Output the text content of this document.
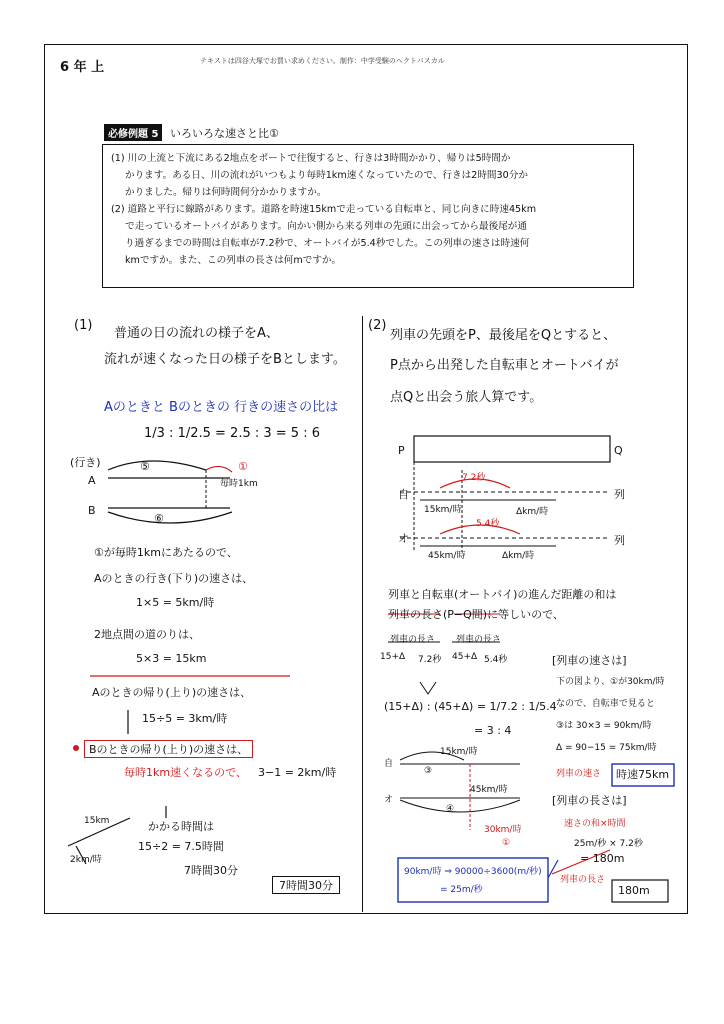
6 年 上	テキストは四谷大塚でお買い求めください。制作：中学受験のヘクトパスカル
必修例題 5 いろいろな速さと比①

(1) 川の上流と下流にある2地点をボートで往復すると、行きは3時間かかり、帰りは5時間か

かります。ある日、川の流れがいつもより毎時1km速くなっていたので、行きは2時間30分か

かりました。帰りは何時間何分かかりますか。

(2) 道路と平行に線路があります。道路を時速15kmで走っている自転車と、同じ向きに時速45km

で走っているオートバイがあります。向かい側から来る列車の先頭に出会ってから最後尾が通

り過ぎるまでの時間は自転車が7.2秒で、オートバイが5.4秒でした。この列車の速さは時速何

kmですか。また、この列車の長さは何mですか。

(1)
普通の日の流れの様子をA、
流れが速くなった日の様子をBとします。
Aのときと Bのときの 行きの速さの比は
1/3 : 1/2.5 = 2.5 : 3 = 5 : 6
(行き)
A
B
⑤
⑥
①
毎時1km
①が毎時1kmにあたるので、
Aのときの行き(下り)の速さは、
1×5 = 5km/時
2地点間の道のりは、
5×3 = 15km
Aのときの帰り(上り)の速さは、
15÷5 = 3km/時
Bのときの帰り(上り)の速さは、
毎時1km速くなるので、 3−1 = 2km/時
かかる時間は
15÷2 = 7.5時間
7時間30分
7時間30分
15km
2km/時
(2)
列車の先頭をP、最後尾をQとすると、
P点から出発した自転車とオートバイが
点Qと出会う旅人算です。
P	Q
自
オ
列
列
7.2秒
5.4秒
15km/時
45km/時
Δkm/時
Δkm/時
列車と自転車(オートバイ)の進んだ距離の和は
列車の長さ(P−Q間)に等しいので、
列車の長さ 列車の長さ
15+Δ 7.2秒 45+Δ 5.4秒
(15+Δ) : (45+Δ) = 1/7.2 : 1/5.4
= 3 : 4
[列車の速さは]
下の図より、①が30km/時
なので、自転車で見ると
③は 30×3 = 90km/時
Δ = 90−15 = 75km/時
列車の速さ 時速75km
[列車の長さは]
速さの和×時間
25m/秒 × 7.2秒
= 180m
列車の長さ
180m
90km/時 ⇒ 90000÷3600(m/秒)
= 25m/秒
自
オ
③
④
15km/時
45km/時
30km/時
①
